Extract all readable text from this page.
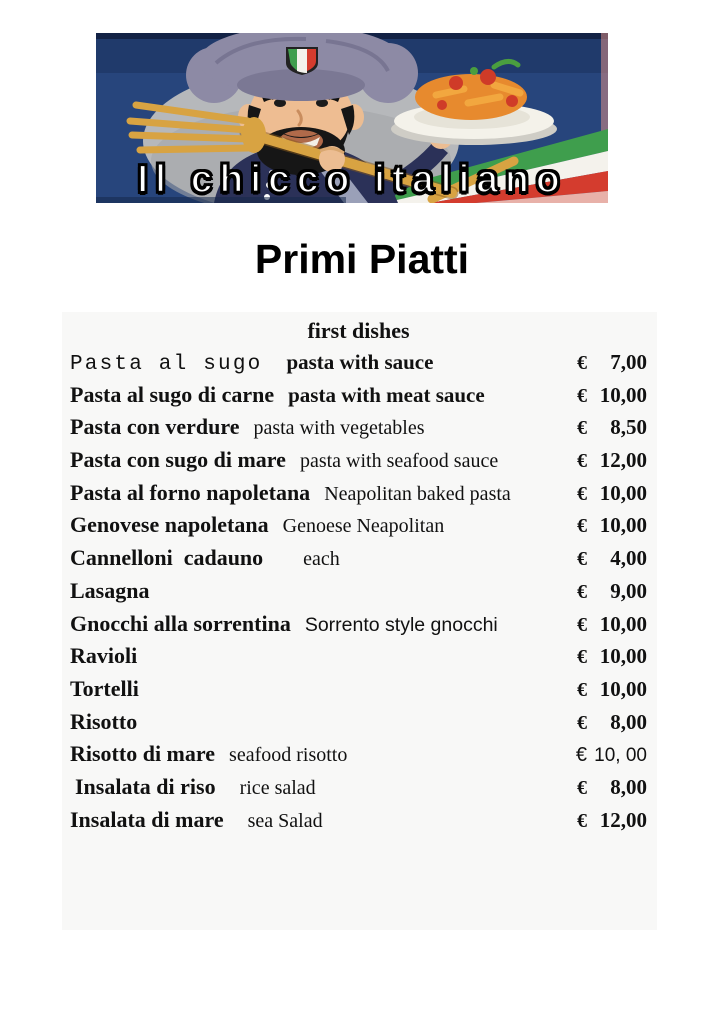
Il chicco italiano
Primi Piatti
first dishes
Pasta al sugo pasta with sauce	€	7,00
Pasta al sugo di carne pasta with meat sauce	€ 10,00
Pasta con verdure pasta with vegetables	€	8,50
Pasta con sugo di mare pasta with seafood sauce	€ 12,00
Pasta al forno napoletana Neapolitan baked pasta	€ 10,00
Genovese napoletana Genoese Neapolitan	€ 10,00
Cannelloni  cadauno each	€	4,00
Lasagna	€	9,00
Gnocchi alla sorrentina Sorrento style gnocchi	€ 10,00
Ravioli	€ 10,00
Tortelli	€ 10,00
Risotto	€	8,00
Risotto di mare seafood risotto	€ 10, 00
Insalata di riso rice salad	€	8,00
Insalata di mare sea Salad	€ 12,00
